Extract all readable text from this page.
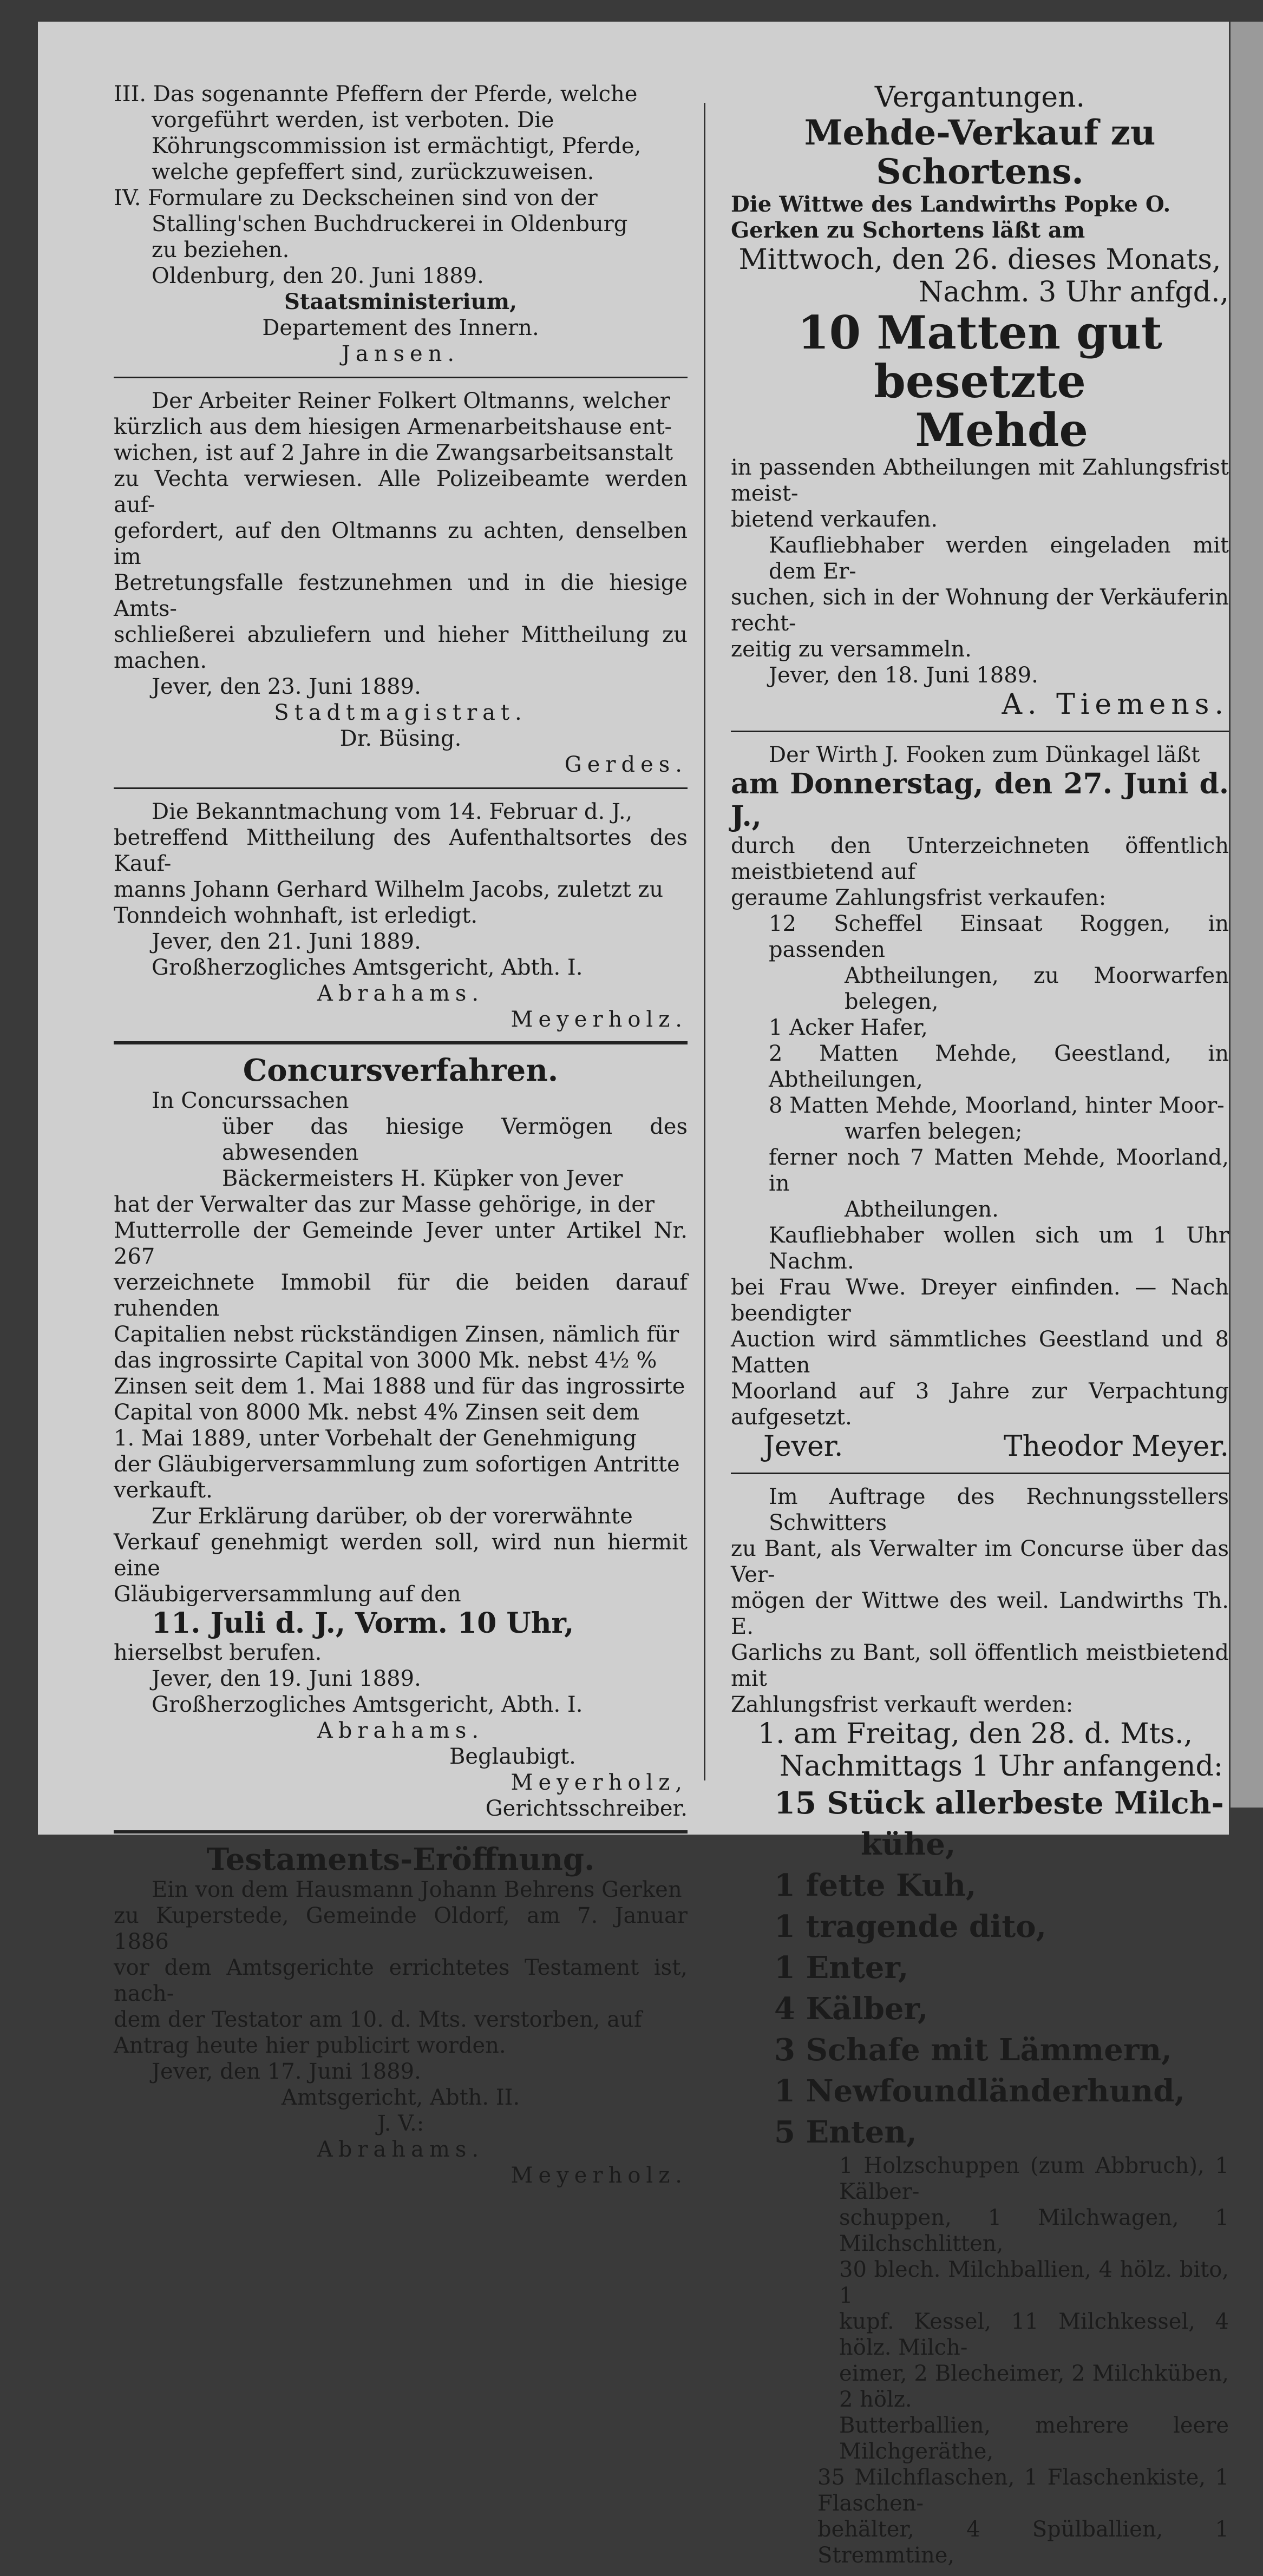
III. Das sogenannte Pfeffern der Pferde, welche

vorgeführt werden, ist verboten. Die

Köhrungscommission ist ermächtigt, Pferde,

welche gepfeffert sind, zurückzuweisen.

IV. Formulare zu Deckscheinen sind von der

Stalling'schen Buchdruckerei in Oldenburg

zu beziehen.

Oldenburg, den 20. Juni 1889.

Staatsministerium,

Departement des Innern.

Jansen.

Der Arbeiter Reiner Folkert Oltmanns, welcher

kürzlich aus dem hiesigen Armenarbeitshause ent-

wichen, ist auf 2 Jahre in die Zwangsarbeitsanstalt

zu Vechta verwiesen. Alle Polizeibeamte werden auf-

gefordert, auf den Oltmanns zu achten, denselben im

Betretungsfalle festzunehmen und in die hiesige Amts-

schließerei abzuliefern und hieher Mittheilung zu machen.

Jever, den 23. Juni 1889.

Stadtmagistrat.

Dr. Büsing.

Gerdes.

Die Bekanntmachung vom 14. Februar d. J.,

betreffend Mittheilung des Aufenthaltsortes des Kauf-

manns Johann Gerhard Wilhelm Jacobs, zuletzt zu

Tonndeich wohnhaft, ist erledigt.

Jever, den 21. Juni 1889.

Großherzogliches Amtsgericht, Abth. I.

Abrahams.

Meyerholz.

Concursverfahren.

In Concurssachen

über das hiesige Vermögen des abwesenden

Bäckermeisters H. Küpker von Jever

hat der Verwalter das zur Masse gehörige, in der

Mutterrolle der Gemeinde Jever unter Artikel Nr. 267

verzeichnete Immobil für die beiden darauf ruhenden

Capitalien nebst rückständigen Zinsen, nämlich für

das ingrossirte Capital von 3000 Mk. nebst 4½ %

Zinsen seit dem 1. Mai 1888 und für das ingrossirte

Capital von 8000 Mk. nebst 4% Zinsen seit dem

1. Mai 1889, unter Vorbehalt der Genehmigung

der Gläubigerversammlung zum sofortigen Antritte

verkauft.

Zur Erklärung darüber, ob der vorerwähnte

Verkauf genehmigt werden soll, wird nun hiermit eine

Gläubigerversammlung auf den

11. Juli d. J., Vorm. 10 Uhr,

hierselbst berufen.

Jever, den 19. Juni 1889.

Großherzogliches Amtsgericht, Abth. I.

Abrahams.

Beglaubigt.

Meyerholz,

Gerichtsschreiber.

Testaments-Eröffnung.

Ein von dem Hausmann Johann Behrens Gerken

zu Kuperstede, Gemeinde Oldorf, am 7. Januar 1886

vor dem Amtsgerichte errichtetes Testament ist, nach-

dem der Testator am 10. d. Mts. verstorben, auf

Antrag heute hier publicirt worden.

Jever, den 17. Juni 1889.

Amtsgericht, Abth. II.

J. V.:

Abrahams.

Meyerholz.

Vergantungen.

Mehde-Verkauf zu Schortens.

Die Wittwe des Landwirths Popke O.

Gerken zu Schortens läßt am

Mittwoch, den 26. dieses Monats,

Nachm. 3 Uhr anfgd.,

10 Matten gut besetzte

Mehde

in passenden Abtheilungen mit Zahlungsfrist meist-

bietend verkaufen.

Kaufliebhaber werden eingeladen mit dem Er-

suchen, sich in der Wohnung der Verkäuferin recht-

zeitig zu versammeln.

Jever, den 18. Juni 1889.

A. Tiemens.

Der Wirth J. Fooken zum Dünkagel läßt

am Donnerstag, den 27. Juni d. J.,

durch den Unterzeichneten öffentlich meistbietend auf

geraume Zahlungsfrist verkaufen:

12 Scheffel Einsaat Roggen, in passenden

Abtheilungen, zu Moorwarfen belegen,

1 Acker Hafer,

2 Matten Mehde, Geestland, in Abtheilungen,

8 Matten Mehde, Moorland, hinter Moor-

warfen belegen;

ferner noch 7 Matten Mehde, Moorland, in

Abtheilungen.

Kaufliebhaber wollen sich um 1 Uhr Nachm.

bei Frau Wwe. Dreyer einfinden. — Nach beendigter

Auction wird sämmtliches Geestland und 8 Matten

Moorland auf 3 Jahre zur Verpachtung aufgesetzt.

Jever.	Theodor Meyer.

Im Auftrage des Rechnungsstellers Schwitters

zu Bant, als Verwalter im Concurse über das Ver-

mögen der Wittwe des weil. Landwirths Th. E.

Garlichs zu Bant, soll öffentlich meistbietend mit

Zahlungsfrist verkauft werden:

1. am Freitag, den 28. d. Mts.,

Nachmittags 1 Uhr anfangend:

15 Stück allerbeste Milch-

kühe,

1 fette Kuh,

1 tragende dito,

1 Enter,

4 Kälber,

3 Schafe mit Lämmern,

1 Newfoundländerhund,

5 Enten,

1 Holzschuppen (zum Abbruch), 1 Kälber-

schuppen, 1 Milchwagen, 1 Milchschlitten,

30 blech. Milchballien, 4 hölz. bito, 1

kupf. Kessel, 11 Milchkessel, 4 hölz. Milch-

eimer, 2 Blecheimer, 2 Milchküben, 2 hölz.

Butterballien, mehrere leere Milchgeräthe,

35 Milchflaschen, 1 Flaschenkiste, 1 Flaschen-

behälter, 4 Spülballien, 1 Stremmtine,
